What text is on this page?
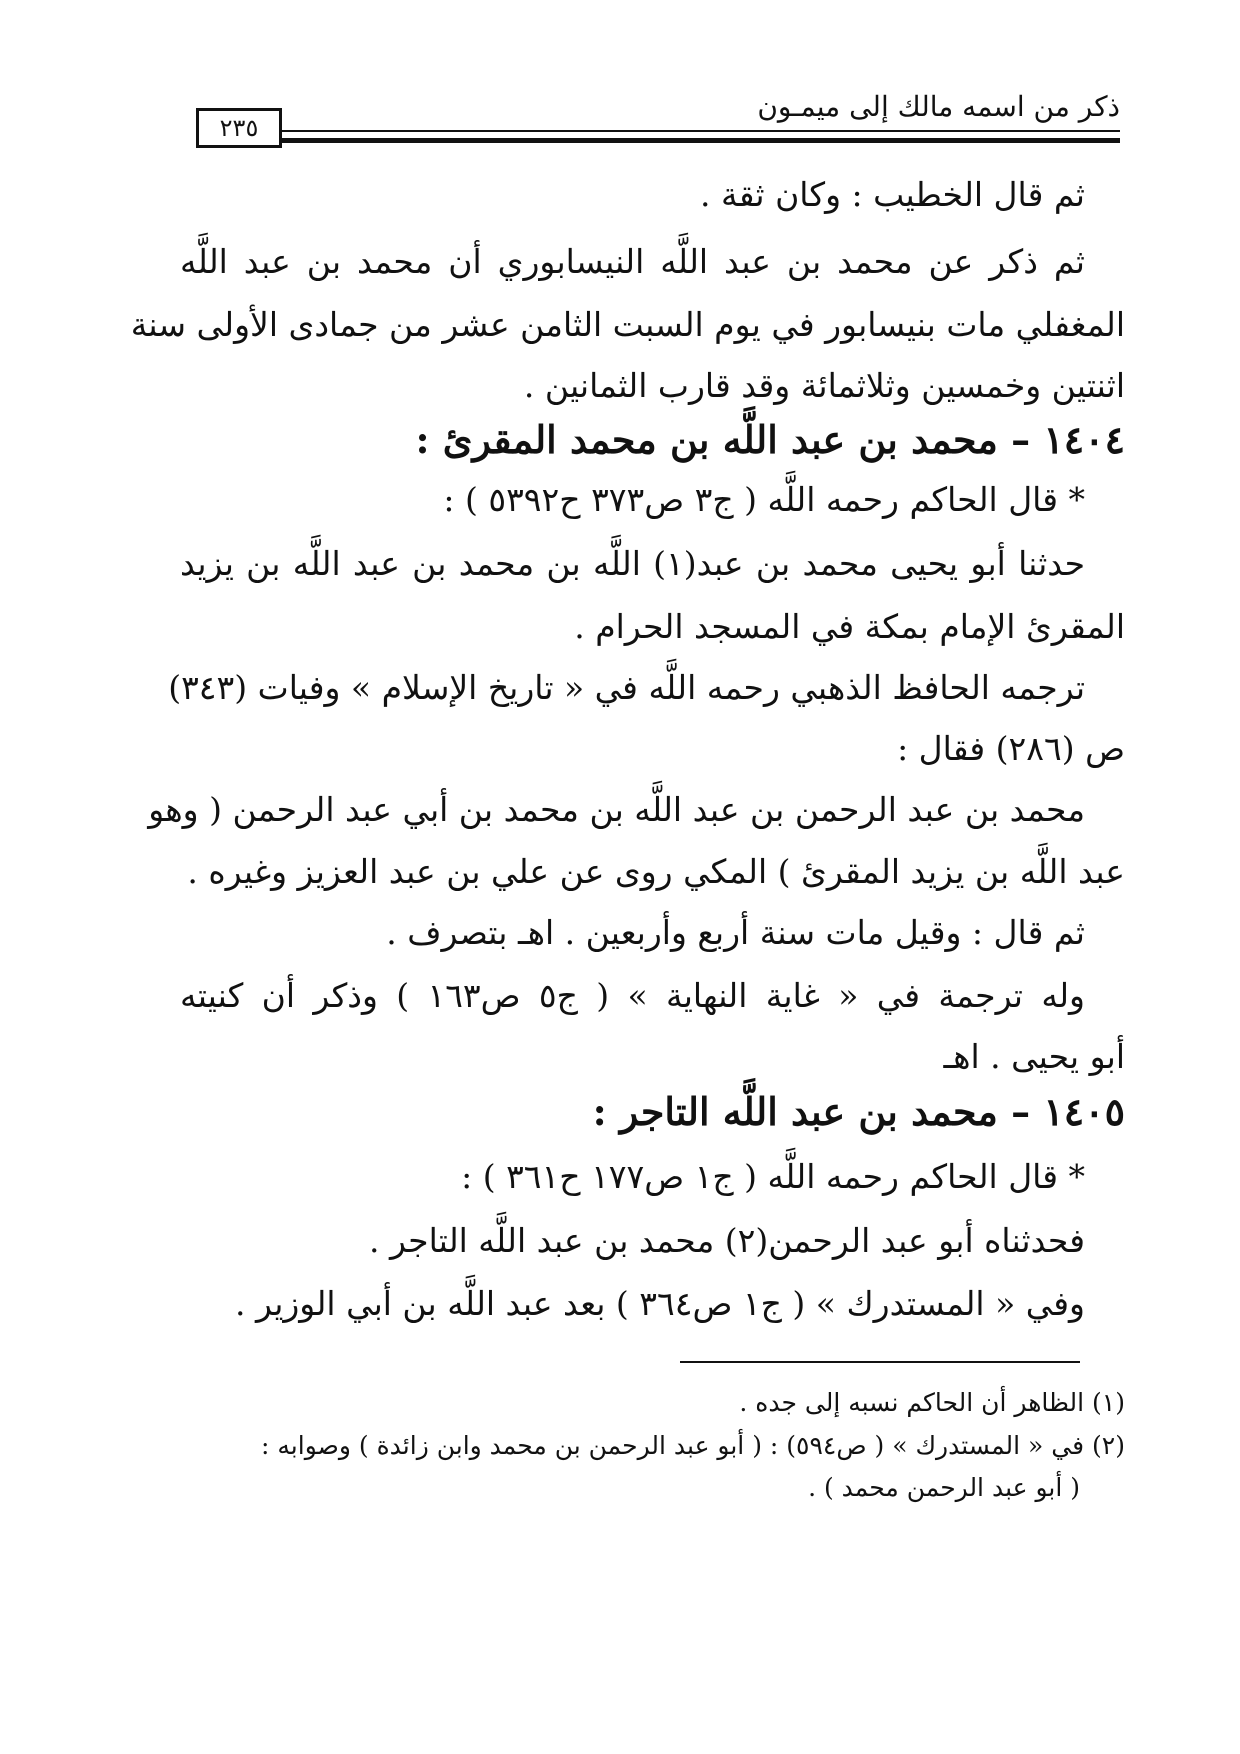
ذكر من اسمه مالك إلى ميمـون
٢٣٥
ثم قال الخطيب : وكان ثقة .
ثم ذكر عن محمد بن عبد اللَّه النيسابوري أن محمد بن عبد اللَّه
المغفلي مات بنيسابور في يوم السبت الثامن عشر من جمادى الأولى سنة
اثنتين وخمسين وثلاثمائة وقد قارب الثمانين .
١٤٠٤ – محمد بن عبد اللَّه بن محمد المقرئ :
* قال الحاكم رحمه اللَّه ( ج٣ ص٣٧٣ ح٥٣٩٢ ) :
حدثنا أبو يحيى محمد بن عبد(١) اللَّه بن محمد بن عبد اللَّه بن يزيد
المقرئ الإمام بمكة في المسجد الحرام .
ترجمه الحافظ الذهبي رحمه اللَّه في « تاريخ الإسلام » وفيات (٣٤٣)
ص (٢٨٦) فقال :
محمد بن عبد الرحمن بن عبد اللَّه بن محمد بن أبي عبد الرحمن ( وهو
عبد اللَّه بن يزيد المقرئ ) المكي روى عن علي بن عبد العزيز وغيره .
ثم قال : وقيل مات سنة أربع وأربعين . اهـ بتصرف .
وله ترجمة في « غاية النهاية » ( ج٥ ص١٦٣ ) وذكر أن كنيته
أبو يحيى . اهـ
١٤٠٥ – محمد بن عبد اللَّه التاجر :
* قال الحاكم رحمه اللَّه ( ج١ ص١٧٧ ح٣٦١ ) :
فحدثناه أبو عبد الرحمن(٢) محمد بن عبد اللَّه التاجر .
وفي « المستدرك » ( ج١ ص٣٦٤ ) بعد عبد اللَّه بن أبي الوزير .
(١) الظاهر أن الحاكم نسبه إلى جده .
(٢) في « المستدرك » ( ص٥٩٤) : ( أبو عبد الرحمن بن محمد وابن زائدة ) وصوابه :
( أبو عبد الرحمن محمد ) .
